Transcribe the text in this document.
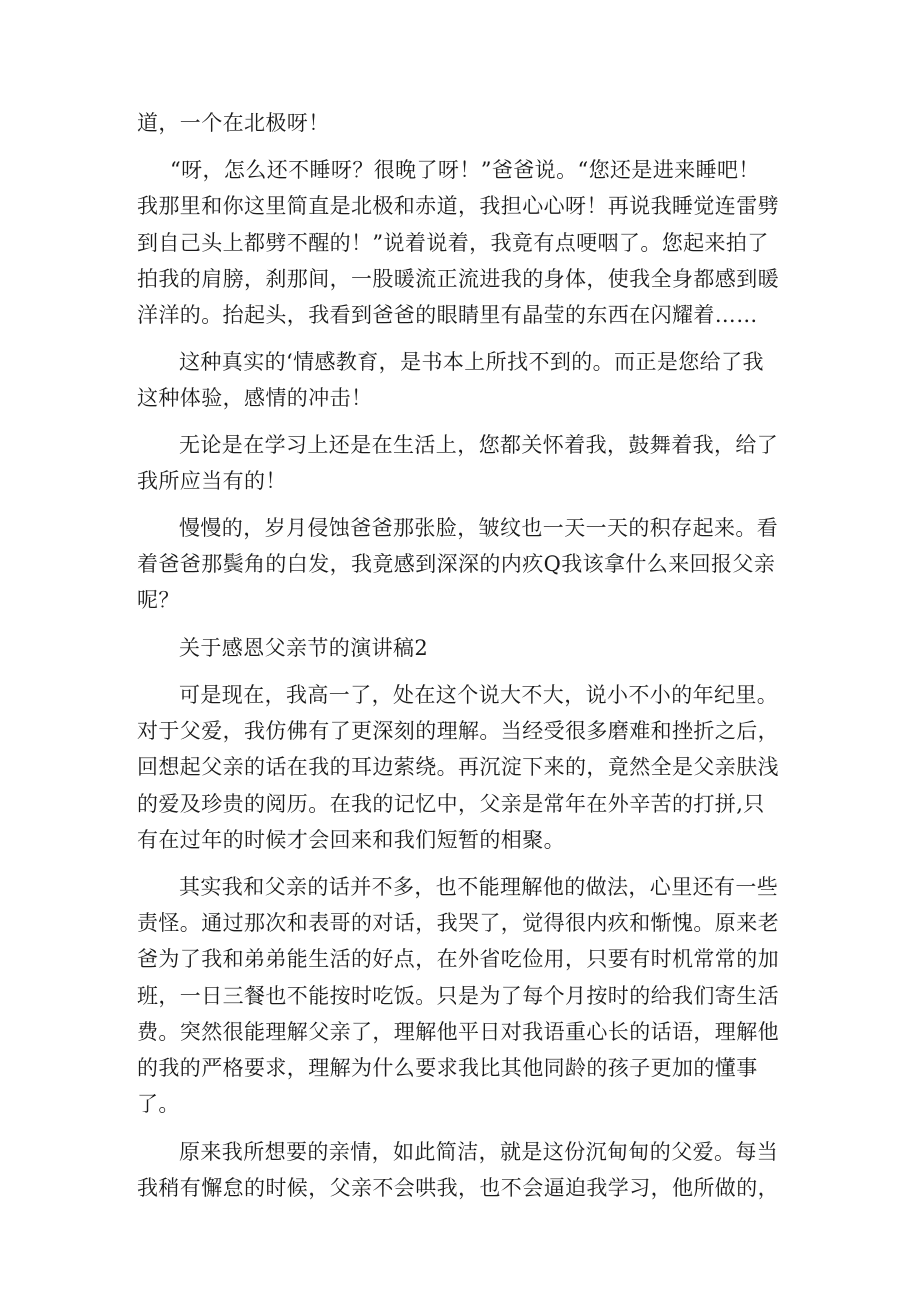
道，一个在北极呀！
“呀，怎么还不睡呀？很晚了呀！”爸爸说。“您还是进来睡吧！
我那里和你这里简直是北极和赤道，我担心心呀！再说我睡觉连雷劈
到自己头上都劈不醒的！”说着说着，我竟有点哽咽了。您起来拍了
拍我的肩膀，刹那间，一股暖流正流进我的身体，使我全身都感到暖
洋洋的。抬起头，我看到爸爸的眼睛里有晶莹的东西在闪耀着……
这种真实的‘情感教育，是书本上所找不到的。而正是您给了我
这种体验，感情的冲击！
无论是在学习上还是在生活上，您都关怀着我，鼓舞着我，给了
我所应当有的！
慢慢的，岁月侵蚀爸爸那张脸，皱纹也一天一天的积存起来。看
着爸爸那鬓角的白发，我竟感到深深的内疚Q我该拿什么来回报父亲
呢？
关于感恩父亲节的演讲稿2
可是现在，我高一了，处在这个说大不大，说小不小的年纪里。
对于父爱，我仿佛有了更深刻的理解。当经受很多磨难和挫折之后，
回想起父亲的话在我的耳边萦绕。再沉淀下来的，竟然全是父亲肤浅
的爱及珍贵的阅历。在我的记忆中，父亲是常年在外辛苦的打拼,只
有在过年的时候才会回来和我们短暂的相聚。
其实我和父亲的话并不多，也不能理解他的做法，心里还有一些
责怪。通过那次和表哥的对话，我哭了，觉得很内疚和惭愧。原来老
爸为了我和弟弟能生活的好点，在外省吃俭用，只要有时机常常的加
班，一日三餐也不能按时吃饭。只是为了每个月按时的给我们寄生活
费。突然很能理解父亲了，理解他平日对我语重心长的话语，理解他
的我的严格要求，理解为什么要求我比其他同龄的孩子更加的懂事
了。
原来我所想要的亲情，如此简洁，就是这份沉甸甸的父爱。每当
我稍有懈怠的时候，父亲不会哄我，也不会逼迫我学习，他所做的，
